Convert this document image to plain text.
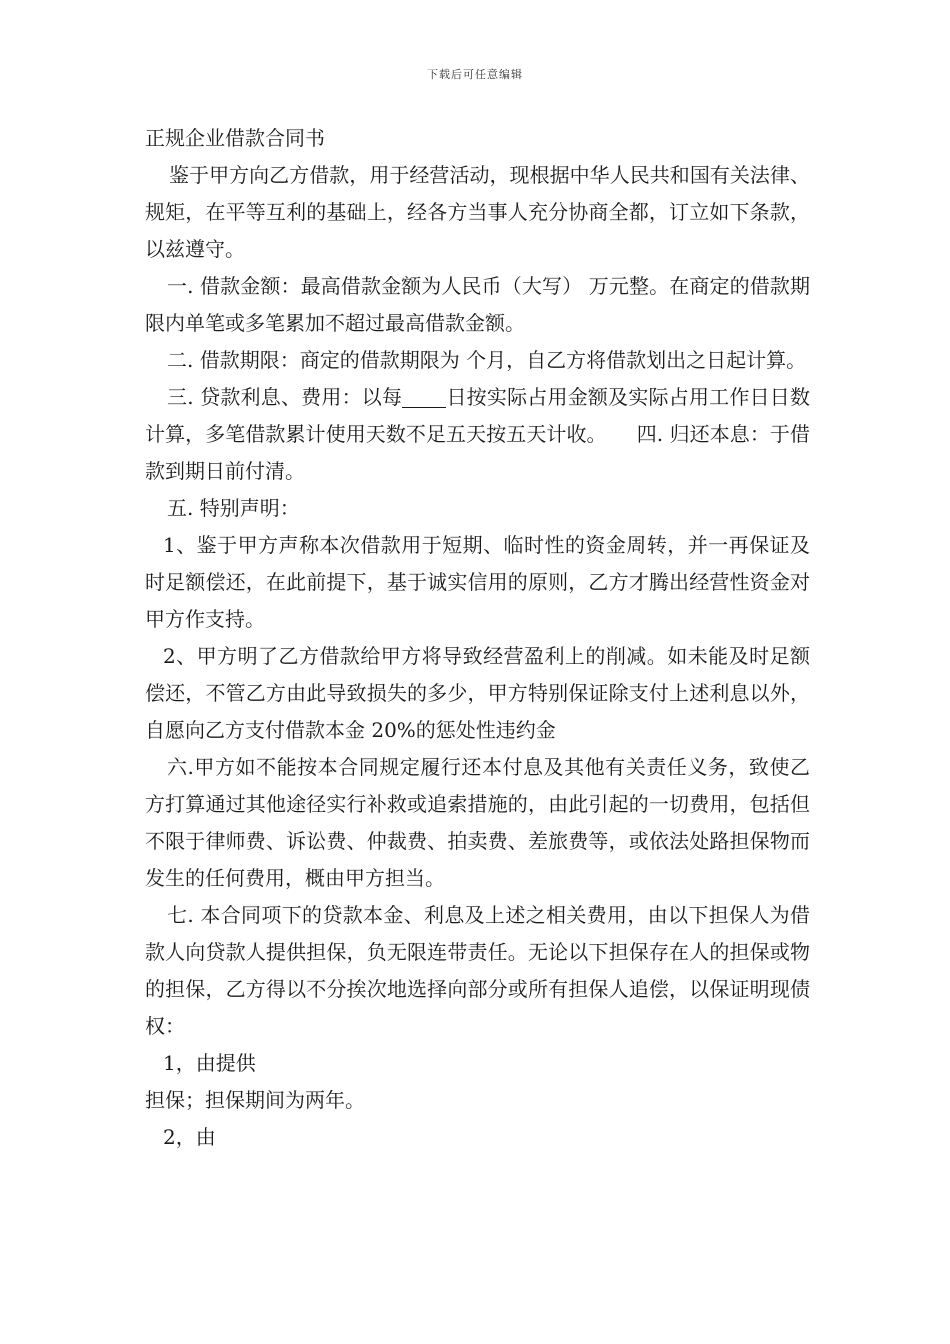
下载后可任意编辑

正规企业借款合同书

鉴于甲方向乙方借款，用于经营活动，现根据中华人民共和国有关法律、规矩，在平等互利的基础上，经各方当事人充分协商全都，订立如下条款，以兹遵守。

一. 借款金额：最高借款金额为人民币（大写） 万元整。在商定的借款期限内单笔或多笔累加不超过最高借款金额。

二. 借款期限：商定的借款期限为 个月，自乙方将借款划出之日起计算。

三. 贷款利息、费用：以每 日按实际占用金额及实际占用工作日日数计算，多笔借款累计使用天数不足五天按五天计收。　　四. 归还本息：于借款到期日前付清。

五. 特别声明：

1、鉴于甲方声称本次借款用于短期、临时性的资金周转，并一再保证及时足额偿还，在此前提下，基于诚实信用的原则，乙方才腾出经营性资金对甲方作支持。

2、甲方明了乙方借款给甲方将导致经营盈利上的削减。如未能及时足额偿还，不管乙方由此导致损失的多少，甲方特别保证除支付上述利息以外，自愿向乙方支付借款本金 20%的惩处性违约金

六.甲方如不能按本合同规定履行还本付息及其他有关责任义务，致使乙方打算通过其他途径实行补救或追索措施的，由此引起的一切费用，包括但不限于律师费、诉讼费、仲裁费、拍卖费、差旅费等，或依法处路担保物而发生的任何费用，概由甲方担当。

七. 本合同项下的贷款本金、利息及上述之相关费用，由以下担保人为借款人向贷款人提供担保，负无限连带责任。无论以下担保存在人的担保或物的担保，乙方得以不分挨次地选择向部分或所有担保人追偿，以保证明现债权：

1，由提供

担保；担保期间为两年。

2，由
